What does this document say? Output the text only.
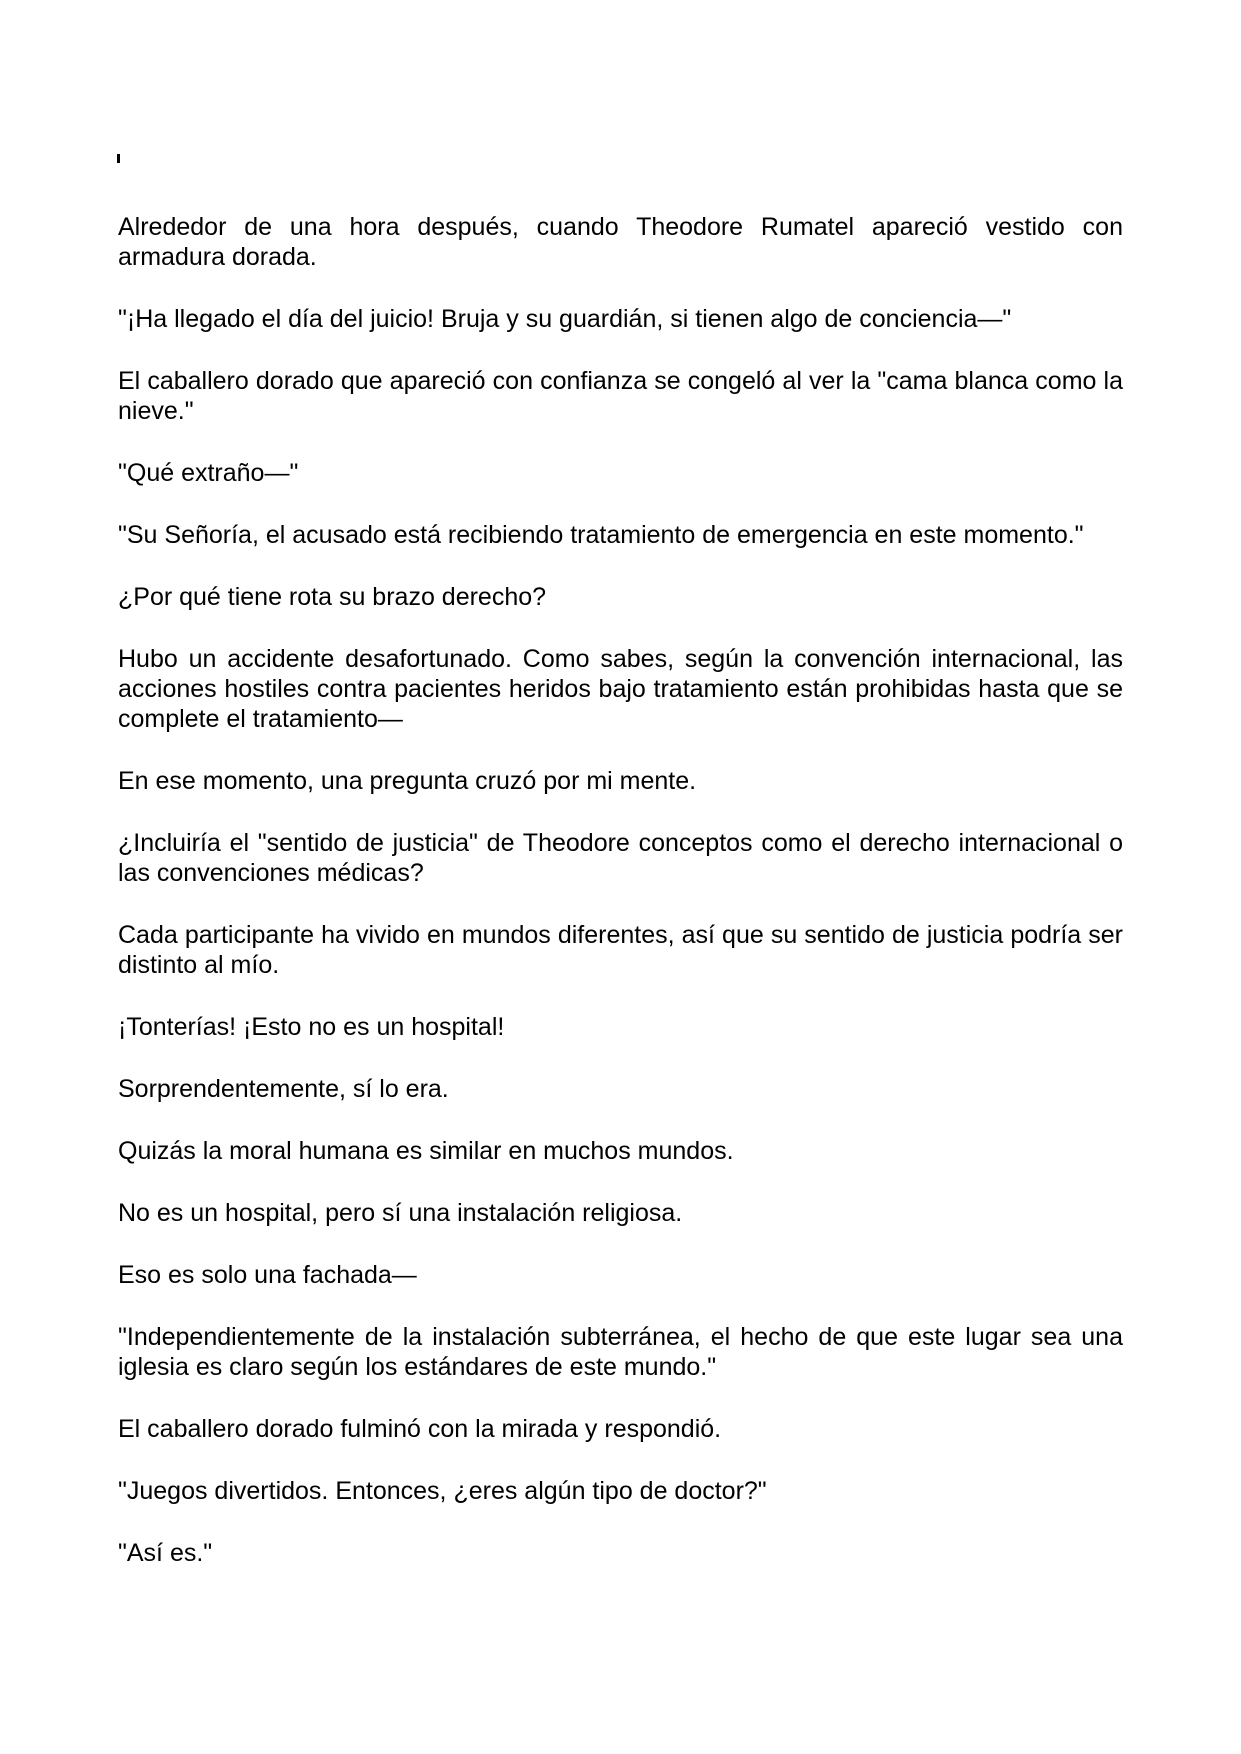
Alrededor de una hora después, cuando Theodore Rumatel apareció vestido con armadura dorada.

"¡Ha llegado el día del juicio! Bruja y su guardián, si tienen algo de conciencia—"

El caballero dorado que apareció con confianza se congeló al ver la "cama blanca como la nieve."

"Qué extraño—"

"Su Señoría, el acusado está recibiendo tratamiento de emergencia en este momento."

¿Por qué tiene rota su brazo derecho?

Hubo un accidente desafortunado. Como sabes, según la convención internacional, las acciones hostiles contra pacientes heridos bajo tratamiento están prohibidas hasta que se complete el tratamiento—

En ese momento, una pregunta cruzó por mi mente.

¿Incluiría el "sentido de justicia" de Theodore conceptos como el derecho internacional o las convenciones médicas?

Cada participante ha vivido en mundos diferentes, así que su sentido de justicia podría ser distinto al mío.

¡Tonterías! ¡Esto no es un hospital!

Sorprendentemente, sí lo era.

Quizás la moral humana es similar en muchos mundos.

No es un hospital, pero sí una instalación religiosa.

Eso es solo una fachada—

"Independientemente de la instalación subterránea, el hecho de que este lugar sea una iglesia es claro según los estándares de este mundo."

El caballero dorado fulminó con la mirada y respondió.

"Juegos divertidos. Entonces, ¿eres algún tipo de doctor?"

"Así es."
